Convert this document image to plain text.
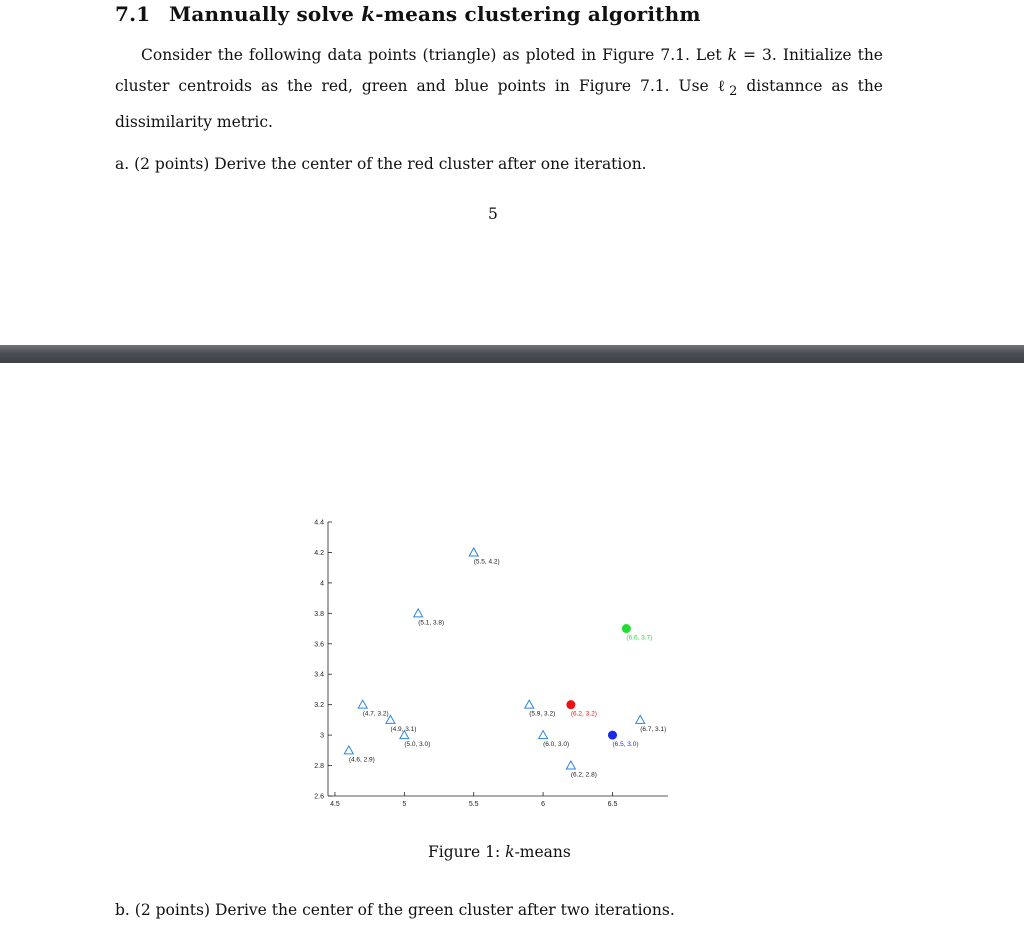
7.1 Mannually solve k-means clustering algorithm
Consider the following data points (triangle) as ploted in Figure 7.1. Let k = 3. Initialize the cluster centroids as the red, green and blue points in Figure 7.1. Use ℓ$_2$ distannce as the dissimilarity metric.
a. (2 points) Derive the center of the red cluster after one iteration.
5
2.6
2.8
3
3.2
3.4
3.6
3.8
4
4.2
4.4
4.5	5	5.5	6	6.5
(5.5, 4.2)
(5.1, 3.8)
(4.7, 3.2)
(4.9, 3.1)
(5.0, 3.0)
(4.6, 2.9)
(5.9, 3.2)
(6.0, 3.0)
(6.2, 2.8)
(6.7, 3.1)
(6.2, 3.2)
(6.6, 3.7)
(6.5, 3.0)
Figure 1: k-means
b. (2 points) Derive the center of the green cluster after two iterations.
